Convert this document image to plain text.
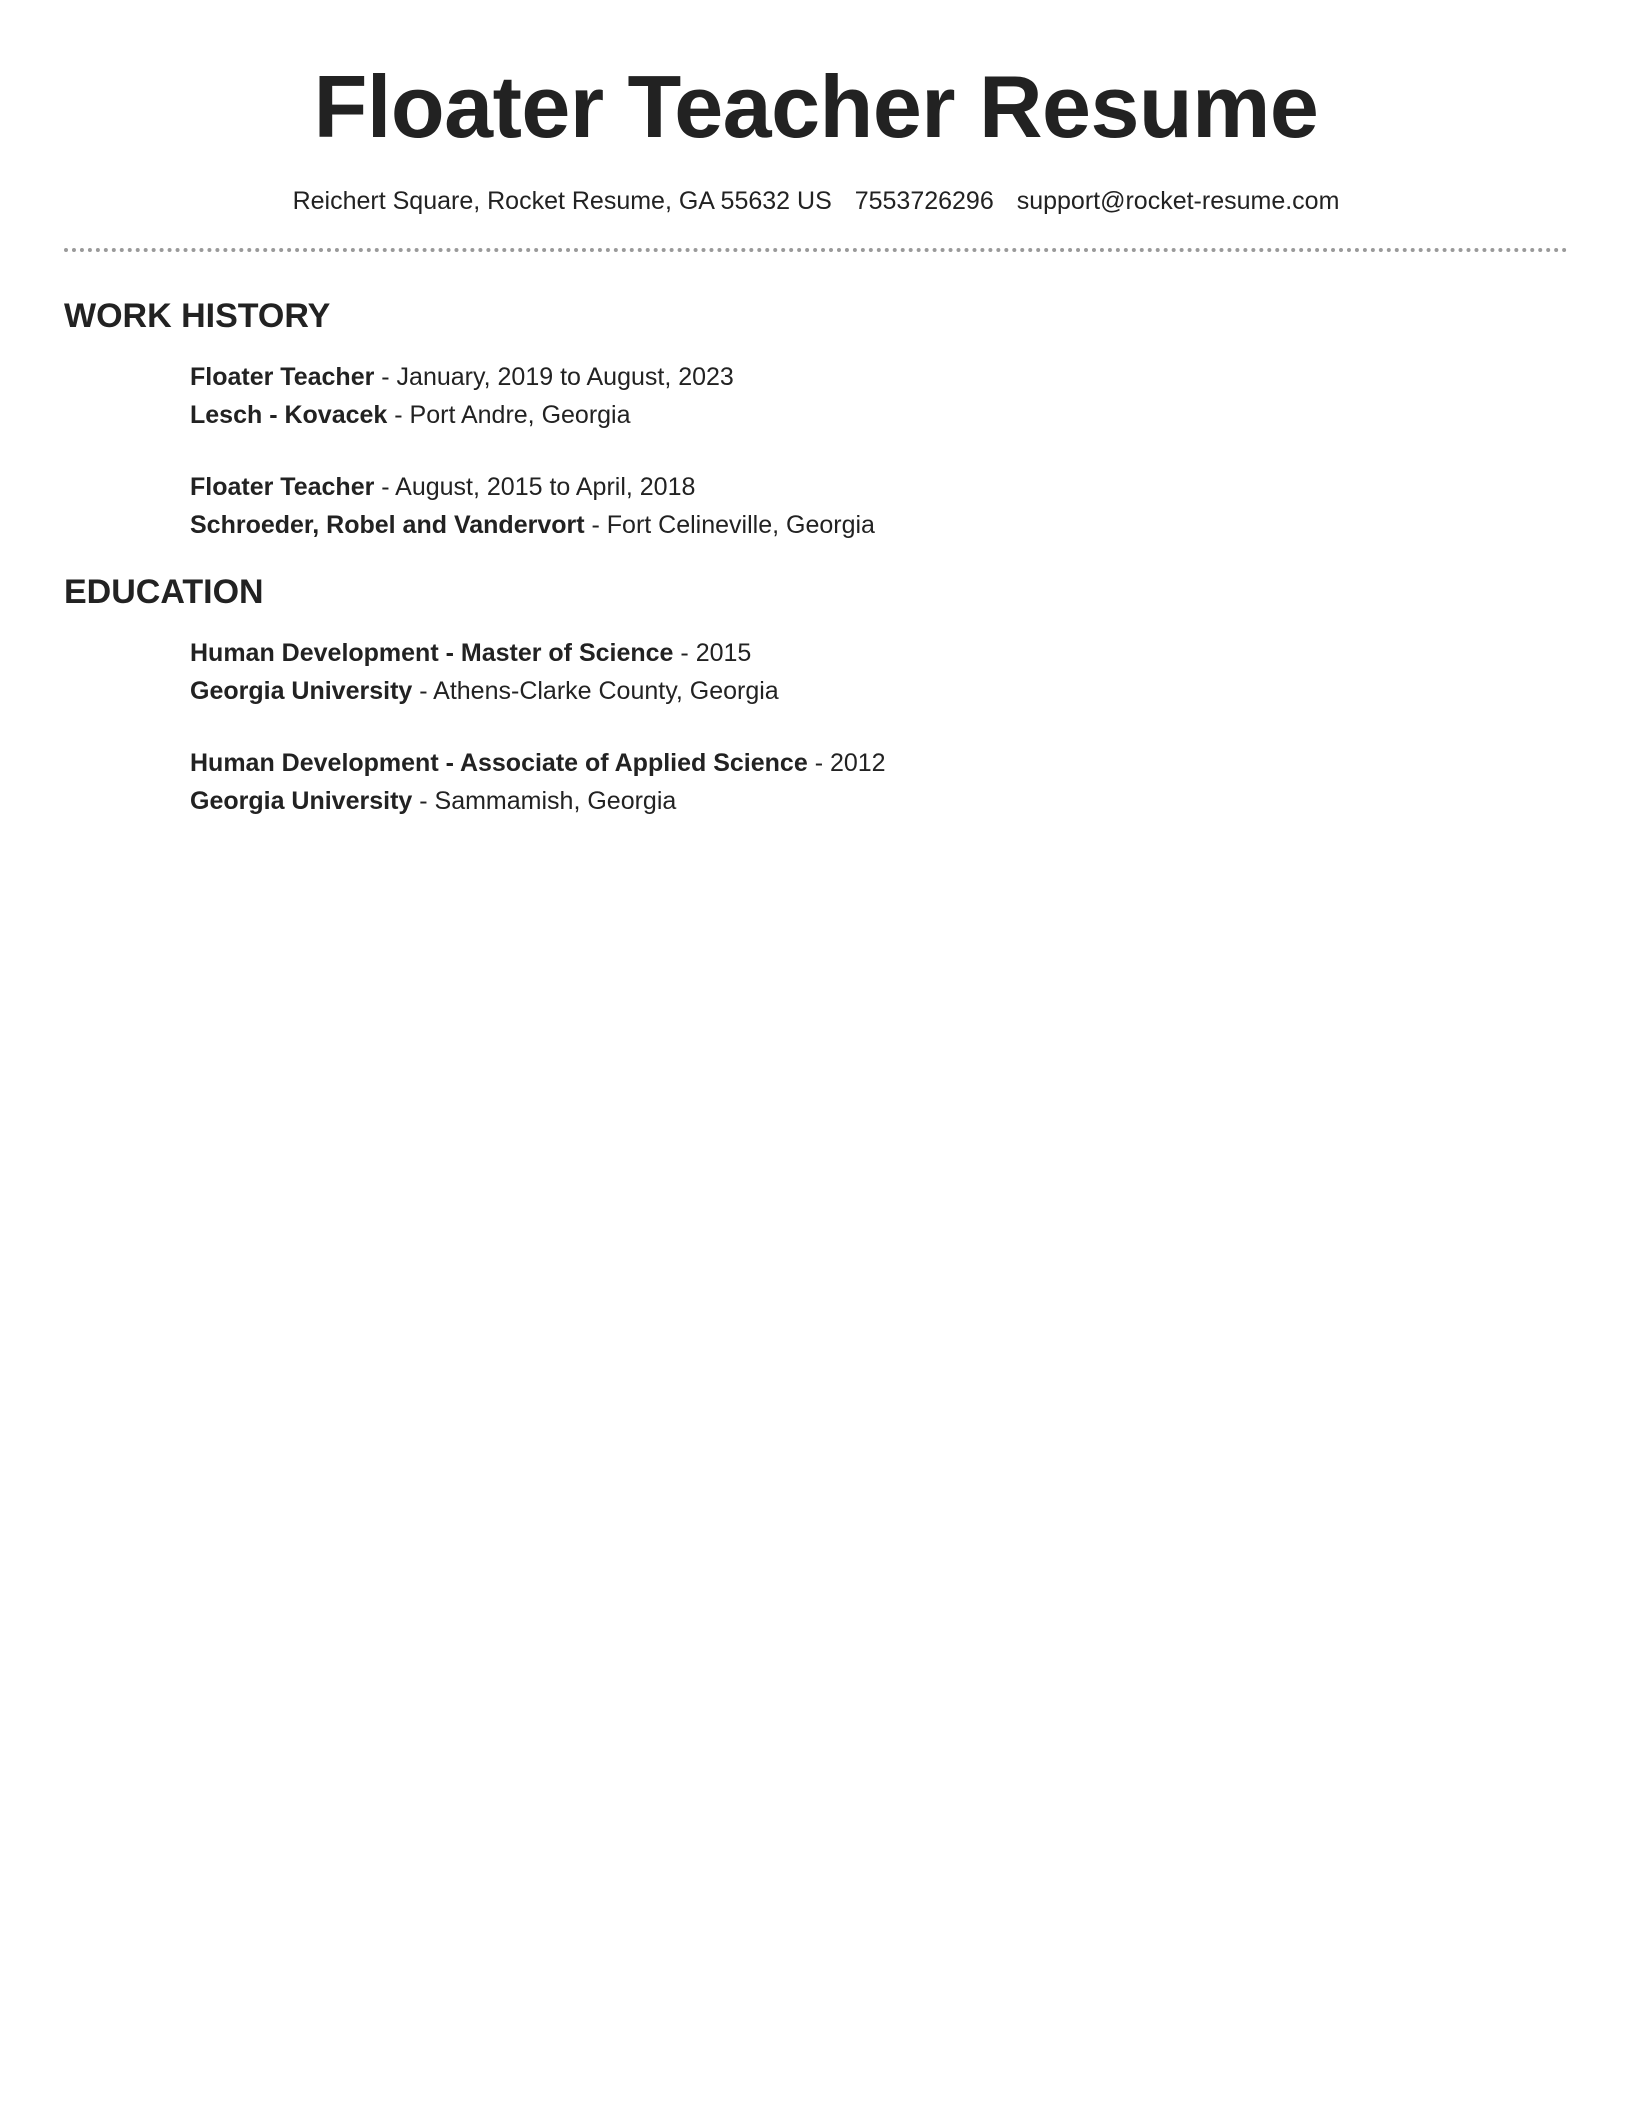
Floater Teacher Resume
Reichert Square, Rocket Resume, GA 55632 US 7553726296 support@rocket-resume.com
WORK HISTORY
Floater Teacher - January, 2019 to August, 2023
Lesch - Kovacek - Port Andre, Georgia
Floater Teacher - August, 2015 to April, 2018
Schroeder, Robel and Vandervort - Fort Celineville, Georgia
EDUCATION
Human Development - Master of Science - 2015
Georgia University - Athens-Clarke County, Georgia
Human Development - Associate of Applied Science - 2012
Georgia University - Sammamish, Georgia
